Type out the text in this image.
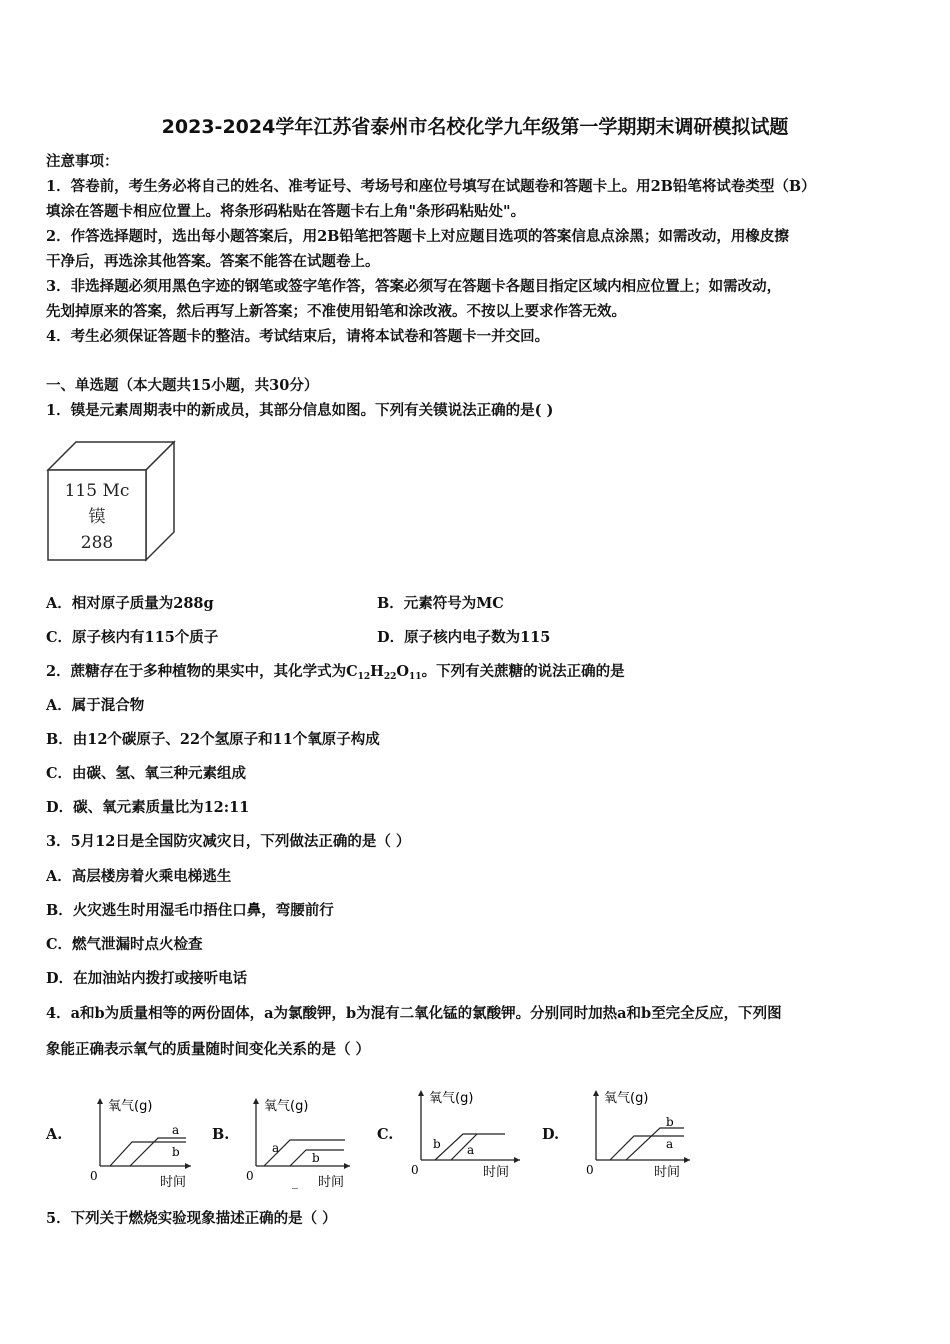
2023-2024学年江苏省泰州市名校化学九年级第一学期期末调研模拟试题
注意事项：
1．答卷前，考生务必将自己的姓名、准考证号、考场号和座位号填写在试题卷和答题卡上。用2B铅笔将试卷类型（B）
填涂在答题卡相应位置上。将条形码粘贴在答题卡右上角"条形码粘贴处"。
2．作答选择题时，选出每小题答案后，用2B铅笔把答题卡上对应题目选项的答案信息点涂黑；如需改动，用橡皮擦
干净后，再选涂其他答案。答案不能答在试题卷上。
3．非选择题必须用黑色字迹的钢笔或签字笔作答，答案必须写在答题卡各题目指定区域内相应位置上；如需改动，
先划掉原来的答案，然后再写上新答案；不准使用铅笔和涂改液。不按以上要求作答无效。
4．考生必须保证答题卡的整洁。考试结束后，请将本试卷和答题卡一并交回。
一、单选题（本大题共15小题，共30分）
1．镆是元素周期表中的新成员，其部分信息如图。下列有关镆说法正确的是( )
115 Mc
镆
288
A．相对原子质量为288g	B．元素符号为MC
C．原子核内有115个质子	D．原子核内电子数为115
2．蔗糖存在于多种植物的果实中，其化学式为$C_{12}H_{22}O_{11}$。下列有关蔗糖的说法正确的是
A．属于混合物
B．由12个碳原子、22个氢原子和11个氧原子构成
C．由碳、氢、氧三种元素组成
D．碳、氧元素质量比为12:11
3．5月12日是全国防灾减灾日，下列做法正确的是（ ）
A．高层楼房着火乘电梯逃生
B．火灾逃生时用湿毛巾捂住口鼻，弯腰前行
C．燃气泄漏时点火检查
D．在加油站内拨打或接听电话
4．a和b为质量相等的两份固体，a为氯酸钾，b为混有二氧化锰的氯酸钾。分别同时加热a和b至完全反应，下列图
象能正确表示氧气的质量随时间变化关系的是（ ）
A.
氧气(g)
0	时间
a
b
B.
氧气(g)
0	_ 时间
a
b
C.
氧气(g)
0	时间
b a
D.
氧气(g)
0	时间
b
a
5．下列关于燃烧实验现象描述正确的是（ ）
